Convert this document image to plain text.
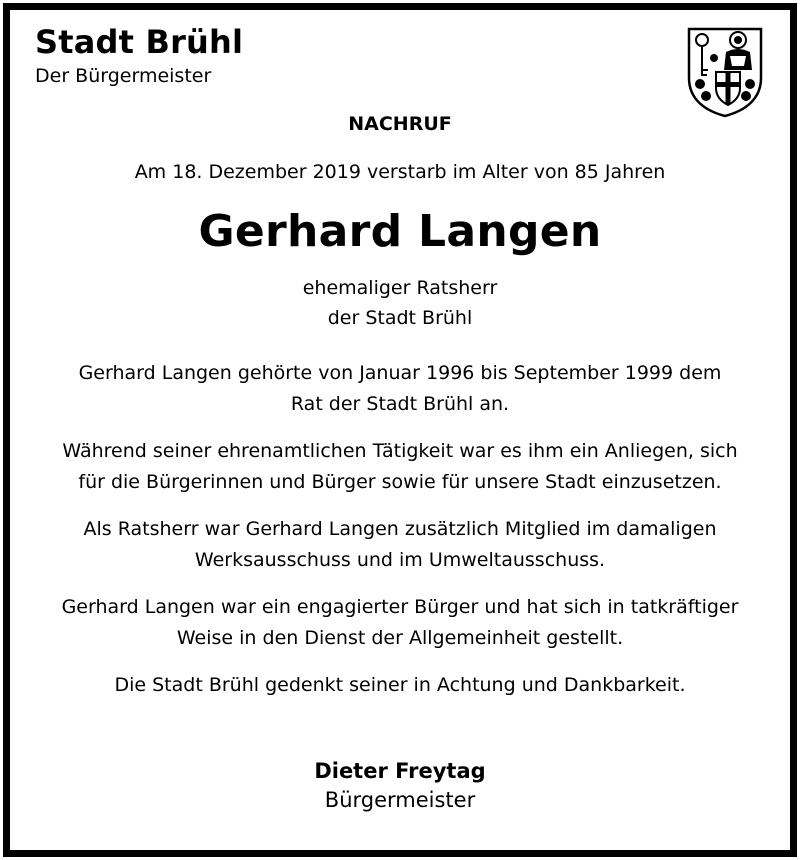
Stadt Brühl
Der Bürgermeister
NACHRUF
Am 18. Dezember 2019 verstarb im Alter von 85 Jahren
Gerhard Langen
ehemaliger Ratsherr
der Stadt Brühl
Gerhard Langen gehörte von Januar 1996 bis September 1999 dem
Rat der Stadt Brühl an.
Während seiner ehrenamtlichen Tätigkeit war es ihm ein Anliegen, sich
für die Bürgerinnen und Bürger sowie für unsere Stadt einzusetzen.
Als Ratsherr war Gerhard Langen zusätzlich Mitglied im damaligen
Werksausschuss und im Umweltausschuss.
Gerhard Langen war ein engagierter Bürger und hat sich in tatkräftiger
Weise in den Dienst der Allgemeinheit gestellt.
Die Stadt Brühl gedenkt seiner in Achtung und Dankbarkeit.
Dieter Freytag
Bürgermeister
